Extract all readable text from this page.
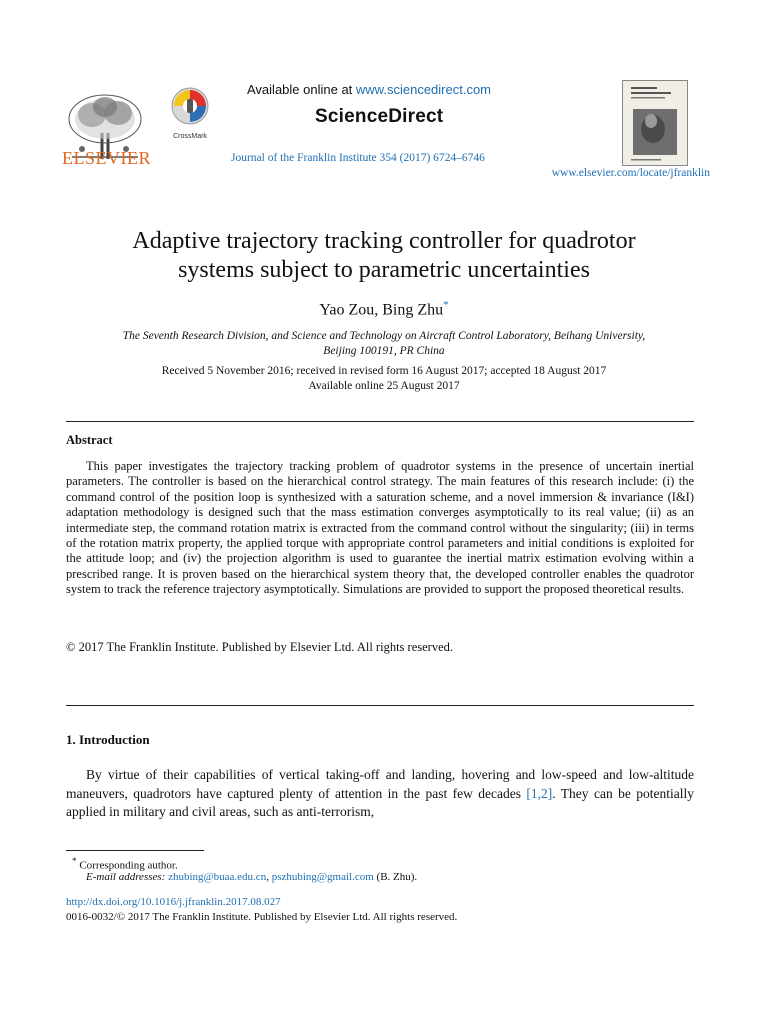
ELSEVIER
CrossMark
Available online at www.sciencedirect.com
ScienceDirect
Journal of the Franklin Institute 354 (2017) 6724–6746
www.elsevier.com/locate/jfranklin
Adaptive trajectory tracking controller for quadrotor
systems subject to parametric uncertainties
Yao Zou, Bing Zhu*
The Seventh Research Division, and Science and Technology on Aircraft Control Laboratory, Beihang University,
Beijing 100191, PR China
Received 5 November 2016; received in revised form 16 August 2017; accepted 18 August 2017
Available online 25 August 2017
Abstract
This paper investigates the trajectory tracking problem of quadrotor systems in the presence of uncertain inertial parameters. The controller is based on the hierarchical control strategy. The main features of this research include: (i) the command control of the position loop is synthesized with a saturation scheme, and a novel immersion & invariance (I&I) adaptation methodology is designed such that the mass estimation converges asymptotically to its real value; (ii) as an intermediate step, the command rotation matrix is extracted from the command control without the singularity; (iii) in terms of the rotation matrix property, the applied torque with appropriate control parameters and initial conditions is exploited for the attitude loop; and (iv) the projection algorithm is used to guarantee the inertial matrix estimation evolving within a prescribed range. It is proven based on the hierarchical system theory that, the developed controller enables the quadrotor system to track the reference trajectory asymptotically. Simulations are provided to support the proposed theoretical results.
© 2017 The Franklin Institute. Published by Elsevier Ltd. All rights reserved.
1. Introduction
By virtue of their capabilities of vertical taking-off and landing, hovering and low-speed and low-altitude maneuvers, quadrotors have captured plenty of attention in the past few decades [1,2]. They can be potentially applied in military and civil areas, such as anti-terrorism,
* Corresponding author.
E-mail addresses: zhubing@buaa.edu.cn, pszhubing@gmail.com (B. Zhu).
http://dx.doi.org/10.1016/j.jfranklin.2017.08.027
0016-0032/© 2017 The Franklin Institute. Published by Elsevier Ltd. All rights reserved.
